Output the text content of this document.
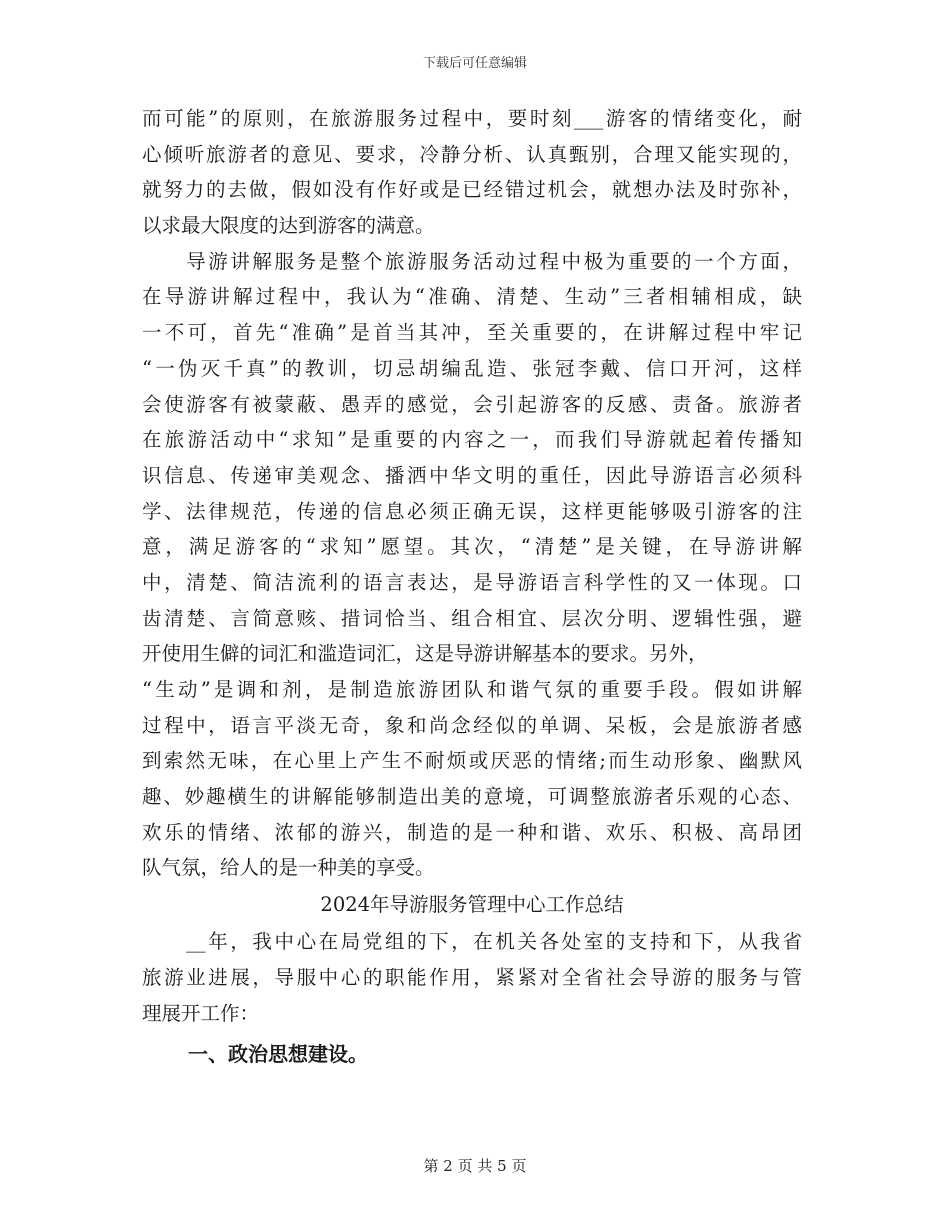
下载后可任意编辑
而可能”的原则，在旅游服务过程中，要时刻___游客的情绪变化，耐
心倾听旅游者的意见、要求，冷静分析、认真甄别，合理又能实现的，
就努力的去做，假如没有作好或是已经错过机会，就想办法及时弥补，
以求最大限度的达到游客的满意。
　　导游讲解服务是整个旅游服务活动过程中极为重要的一个方面，
在导游讲解过程中，我认为“准确、清楚、生动”三者相辅相成，缺
一不可，首先“准确”是首当其冲，至关重要的，在讲解过程中牢记
“一伪灭千真”的教训，切忌胡编乱造、张冠李戴、信口开河，这样
会使游客有被蒙蔽、愚弄的感觉，会引起游客的反感、责备。旅游者
在旅游活动中“求知”是重要的内容之一，而我们导游就起着传播知
识信息、传递审美观念、播洒中华文明的重任，因此导游语言必须科
学、法律规范，传递的信息必须正确无误，这样更能够吸引游客的注
意，满足游客的“求知”愿望。其次，“清楚”是关键，在导游讲解
中，清楚、简洁流利的语言表达，是导游语言科学性的又一体现。口
齿清楚、言简意赅、措词恰当、组合相宜、层次分明、逻辑性强，避
开使用生僻的词汇和滥造词汇，这是导游讲解基本的要求。另外，
“生动”是调和剂，是制造旅游团队和谐气氛的重要手段。假如讲解
过程中，语言平淡无奇，象和尚念经似的单调、呆板，会是旅游者感
到索然无味，在心里上产生不耐烦或厌恶的情绪;而生动形象、幽默风
趣、妙趣横生的讲解能够制造出美的意境，可调整旅游者乐观的心态、
欢乐的情绪、浓郁的游兴，制造的是一种和谐、欢乐、积极、高昂团
队气氛，给人的是一种美的享受。
2024年导游服务管理中心工作总结
　　__年，我中心在局党组的下，在机关各处室的支持和下，从我省
旅游业进展，导服中心的职能作用，紧紧对全省社会导游的服务与管
理展开工作：
一、政治思想建设。
第 2 页 共 5 页
